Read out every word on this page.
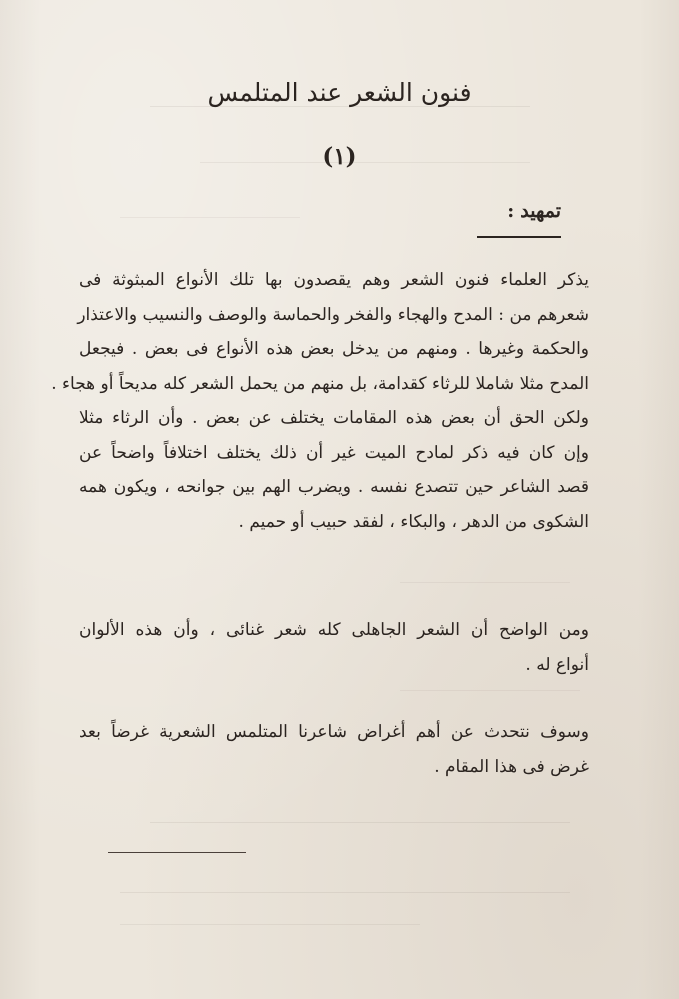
فنون الشعر عند المتلمس
(١)
تمهيد
:

يذكر العلماء فنون الشعر وهم يقصدون بها تلك الأنواع المبثوثة فى
شعرهم من : المدح والهجاء والفخر والحماسة والوصف والنسيب والاعتذار
والحكمة وغيرها . ومنهم من يدخل بعض هذه الأنواع فى بعض . فيجعل
المدح مثلا شاملا للرثاء كقدامة، بل منهم من يحمل الشعر كله مديحاً أو هجاء .
ولكن الحق أن بعض هذه المقامات يختلف عن بعض . وأن الرثاء مثلا
وإن كان فيه ذكر لمادح الميت غير أن ذلك يختلف اختلافاً واضحاً عن
قصد الشاعر حين تتصدع نفسه . ويضرب الهم بين جوانحه ، ويكون همه
الشكوى من الدهر ، والبكاء ، لفقد حبيب أو حميم .

ومن الواضح أن الشعر الجاهلى كله شعر غنائى ، وأن هذه الألوان
أنواع له .

وسوف نتحدث عن أهم أغراض شاعرنا المتلمس الشعرية غرضاً بعد
غرض فى هذا المقام .
